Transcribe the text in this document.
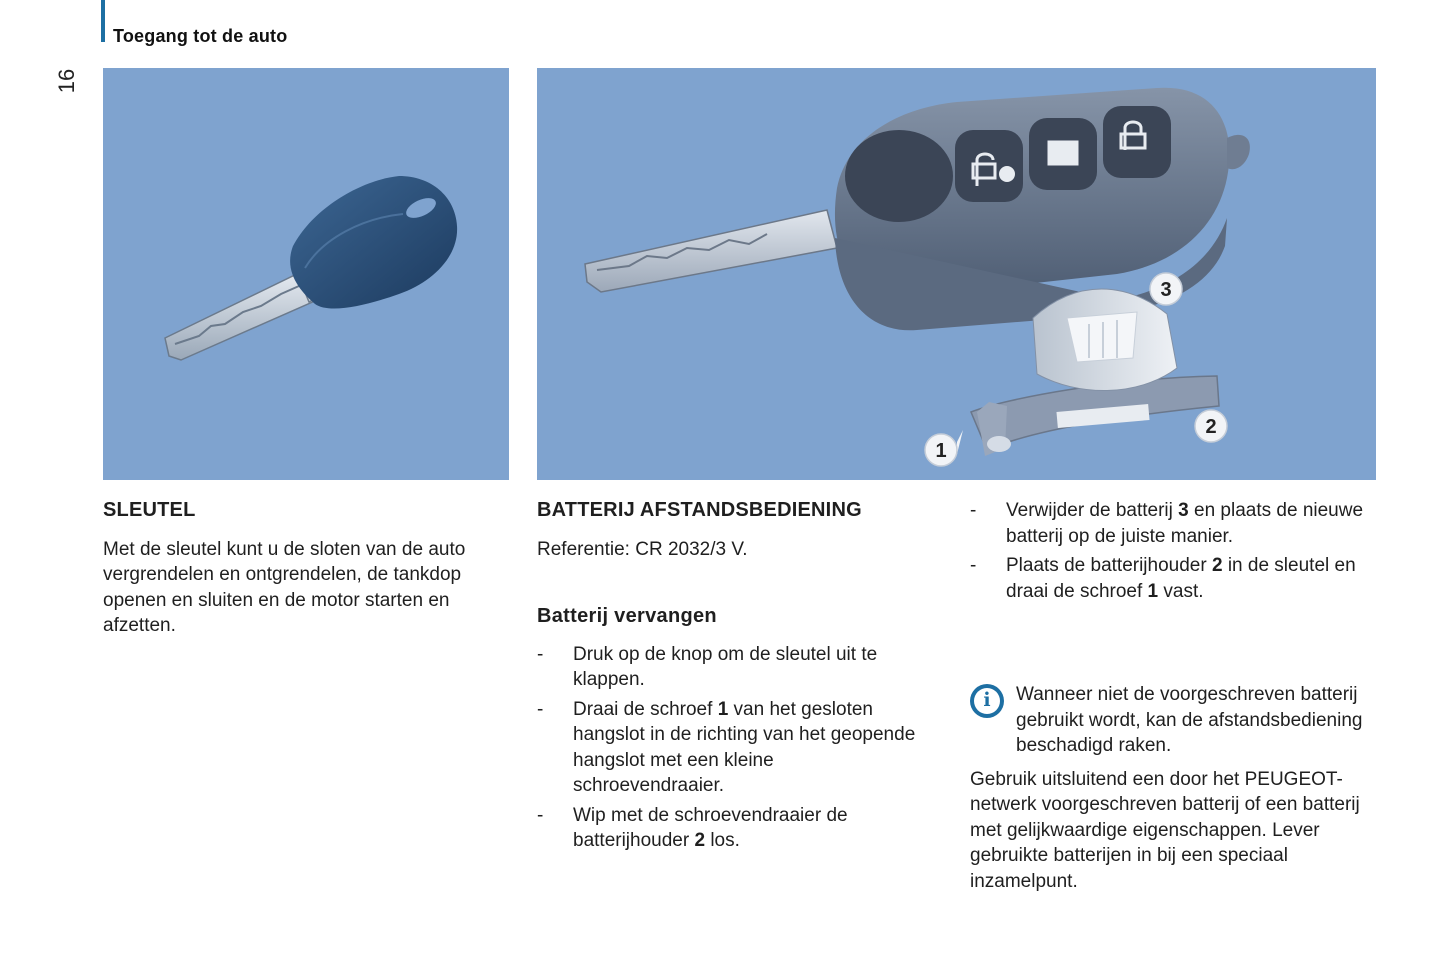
Toegang tot de auto
16
3
2
1
SLEUTEL

Met de sleutel kunt u de sloten van de auto vergrendelen en ontgrendelen, de tankdop openen en sluiten en de motor starten en afzetten.

BATTERIJ AFSTANDSBEDIENING

Referentie: CR 2032/3 V.

Batterij vervangen
- Druk op de knop om de sleutel uit te klappen.
- Draai de schroef 1 van het gesloten hangslot in de richting van het geopende hangslot met een kleine schroevendraaier.
- Wip met de schroevendraaier de batterijhouder 2 los.
- Verwijder de batterij 3 en plaats de nieuwe batterij op de juiste manier.
- Plaats de batterijhouder 2 in de sleutel en draai de schroef 1 vast.
i	Wanneer niet de voorgeschreven batterij gebruikt wordt, kan de afstandsbediening beschadigd raken.

Gebruik uitsluitend een door het PEUGEOT-netwerk voorgeschreven batterij of een batterij met gelijkwaardige eigenschappen. Lever gebruikte batterijen in bij een speciaal inzamelpunt.
